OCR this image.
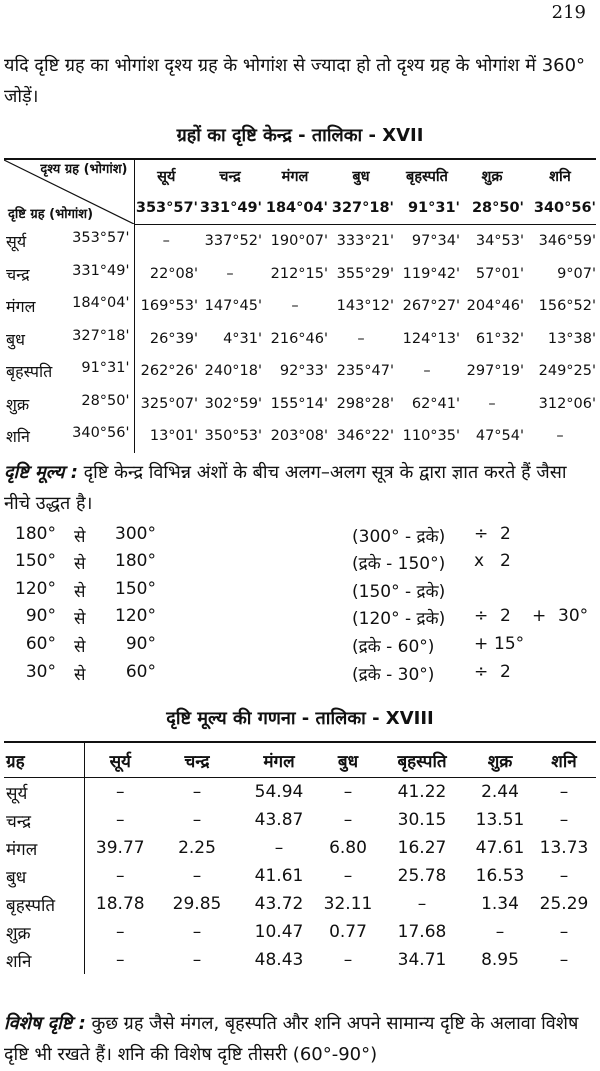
219
यदि दृष्टि ग्रह का भोगांश दृश्य ग्रह के भोगांश से ज्यादा हो तो दृश्य ग्रह के भोगांश में 360° जोड़ें।
ग्रहों का दृष्टि केन्द्र - तालिका - XVII
दृश्य ग्रह (भोगांश)
दृष्टि ग्रह (भोगांश)	सूर्य	चन्द्र	मंगल	बुध	बृहस्पति	शुक्र	शनि
	353°57'	331°49'	184°04'	327°18'	91°31'	28°50'	340°56'

सूर्य 353°57'	–	337°52'	190°07'	333°21'	97°34'	34°53'	346°59'

चन्द्र 331°49'	22°08'	–	212°15'	355°29'	119°42'	57°01'	9°07'

मंगल 184°04'	169°53'	147°45'	–	143°12'	267°27'	204°46'	156°52'

बुध 327°18'	26°39'	4°31'	216°46'	–	124°13'	61°32'	13°38'

बृहस्पति 91°31'	262°26'	240°18'	92°33'	235°47'	–	297°19'	249°25'

शुक्र 28°50'	325°07'	302°59'	155°14'	298°28'	62°41'	–	312°06'

शनि 340°56'	13°01'	350°53'	203°08'	346°22'	110°35'	47°54'	–
दृष्टि मूल्य : दृष्टि केन्द्र विभिन्न अंशों के बीच अलग–अलग सूत्र के द्वारा ज्ञात करते हैं जैसा नीचे उद्धत है।
180° से	300°	(300° - द्रके) ÷ 2
150° से	180°	(द्रके - 150°) x 2
120° से	150°	(150° - द्रके)
90° से	120°	(120° - द्रके) ÷ 2 + 30°
60° से	90°	(द्रके - 60°) + 15°
30° से	60°	(द्रके - 30°) ÷ 2
दृष्टि मूल्य की गणना - तालिका - XVIII
ग्रह	सूर्य	चन्द्र	मंगल	बुध	बृहस्पति	शुक्र	शनि
सूर्य	–	–	54.94	–	41.22	2.44	–
चन्द्र	–	–	43.87	–	30.15	13.51	–
मंगल	39.77	2.25	–	6.80	16.27	47.61	13.73
बुध	–	–	41.61	–	25.78	16.53	–
बृहस्पति	18.78	29.85	43.72	32.11	–	1.34	25.29
शुक्र	–	–	10.47	0.77	17.68	–	–
शनि	–	–	48.43	–	34.71	8.95	–
विशेष दृष्टि : कुछ ग्रह जैसे मंगल, बृहस्पति और शनि अपने सामान्य दृष्टि के अलावा विशेष दृष्टि भी रखते हैं। शनि की विशेष दृष्टि तीसरी (60°-90°)
